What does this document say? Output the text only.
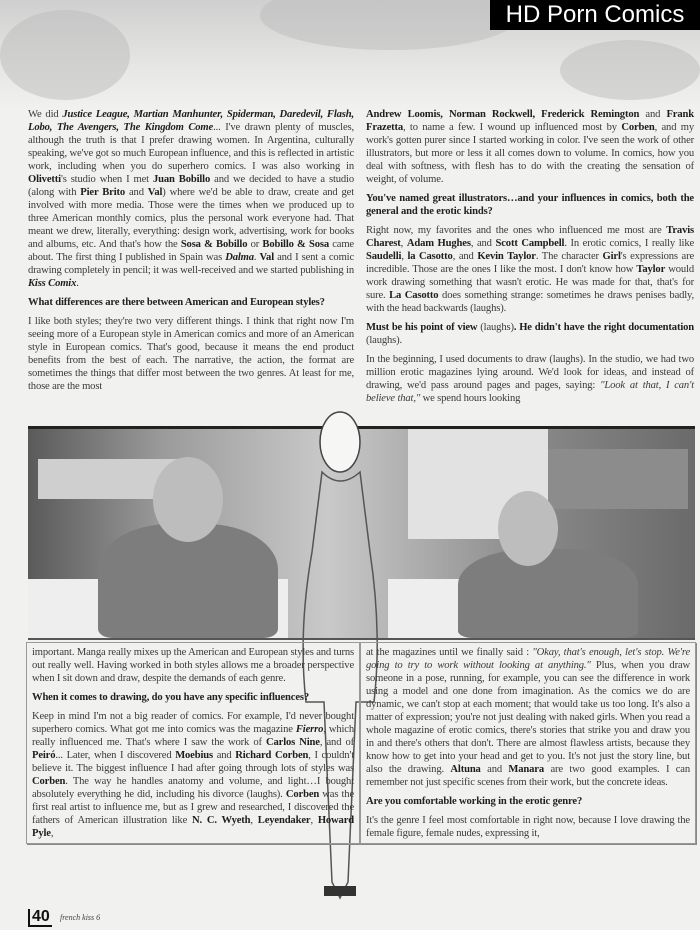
HD Porn Comics

We did Justice League, Martian Manhunter, Spiderman, Daredevil, Flash, Lobo, The Avengers, The Kingdom Come... I've drawn plenty of muscles, although the truth is that I prefer drawing women. In Argentina, culturally speaking, we've got so much European influence, and this is reflected in artistic work, including when you do superhero comics. I was also working in Olivetti's studio when I met Juan Bobillo and we decided to have a studio (along with Pier Brito and Val) where we'd be able to draw, create and get involved with more media. Those were the times when we produced up to three American monthly comics, plus the personal work everyone had. That meant we drew, literally, everything: design work, advertising, work for books and albums, etc. And that's how the Sosa & Bobillo or Bobillo & Sosa came about. The first thing I published in Spain was Dalma. Val and I sent a comic drawing completely in pencil; it was well-received and we started publishing in Kiss Comix.

What differences are there between American and European styles?

I like both styles; they're two very different things. I think that right now I'm seeing more of a European style in American comics and more of an American style in European comics. That's good, because it means the end product benefits from the best of each. The narrative, the action, the format are sometimes the things that differ most between the two genres. At least for me, those are the most

Andrew Loomis, Norman Rockwell, Frederick Remington and Frank Frazetta, to name a few. I wound up influenced most by Corben, and my work's gotten purer since I started working in color. I've seen the work of other illustrators, but more or less it all comes down to volume. In comics, how you deal with softness, with flesh has to do with the creating the sensation of weight, of volume.

You've named great illustrators…and your influences in comics, both the general and the erotic kinds?

Right now, my favorites and the ones who influenced me most are Travis Charest, Adam Hughes, and Scott Campbell. In erotic comics, I really like Saudelli, la Casotto, and Kevin Taylor. The character Girl's expressions are incredible. Those are the ones I like the most. I don't know how Taylor would work drawing something that wasn't erotic. He was made for that, that's for sure. La Casotto does something strange: sometimes he draws penises badly, with the head backwards (laughs).

Must be his point of view (laughs). He didn't have the right documentation (laughs).

In the beginning, I used documents to draw (laughs). In the studio, we had two million erotic magazines lying around. We'd look for ideas, and instead of drawing, we'd pass around pages and pages, saying: "Look at that, I can't believe that," we spend hours looking

important. Manga really mixes up the American and European styles and turns out really well. Having worked in both styles allows me a broader perspective when I sit down and draw, despite the demands of each genre.

When it comes to drawing, do you have any specific influences?

Keep in mind I'm not a big reader of comics. For example, I'd never bought superhero comics. What got me into comics was the magazine Fierro, which really influenced me. That's where I saw the work of Carlos Nine, and of Peiró... Later, when I discovered Moebius and Richard Corben, I couldn't believe it. The biggest influence I had after going through lots of styles was Corben. The way he handles anatomy and volume, and light…I bought absolutely everything he did, including his divorce (laughs). Corben was the first real artist to influence me, but as I grew and researched, I discovered the fathers of American illustration like N. C. Wyeth, Leyendaker, Howard Pyle,

at the magazines until we finally said : "Okay, that's enough, let's stop. We're going to try to work without looking at anything." Plus, when you draw someone in a pose, running, for example, you can see the difference in work using a model and one done from imagination. As the comics we do are dynamic, we can't stop at each moment; that would take us too long. It's also a matter of expression; you're not just dealing with naked girls. When you read a whole magazine of erotic comics, there's stories that strike you and draw you in and there's others that don't. There are almost flawless artists, because they know how to get into your head and get to you. It's not just the story line, but also the drawing. Altuna and Manara are two good examples. I can remember not just specific scenes from their work, but the concrete ideas.

Are you comfortable working in the erotic genre?

It's the genre I feel most comfortable in right now, because I love drawing the female figure, female nudes, expressing it,

40 french kiss 6
